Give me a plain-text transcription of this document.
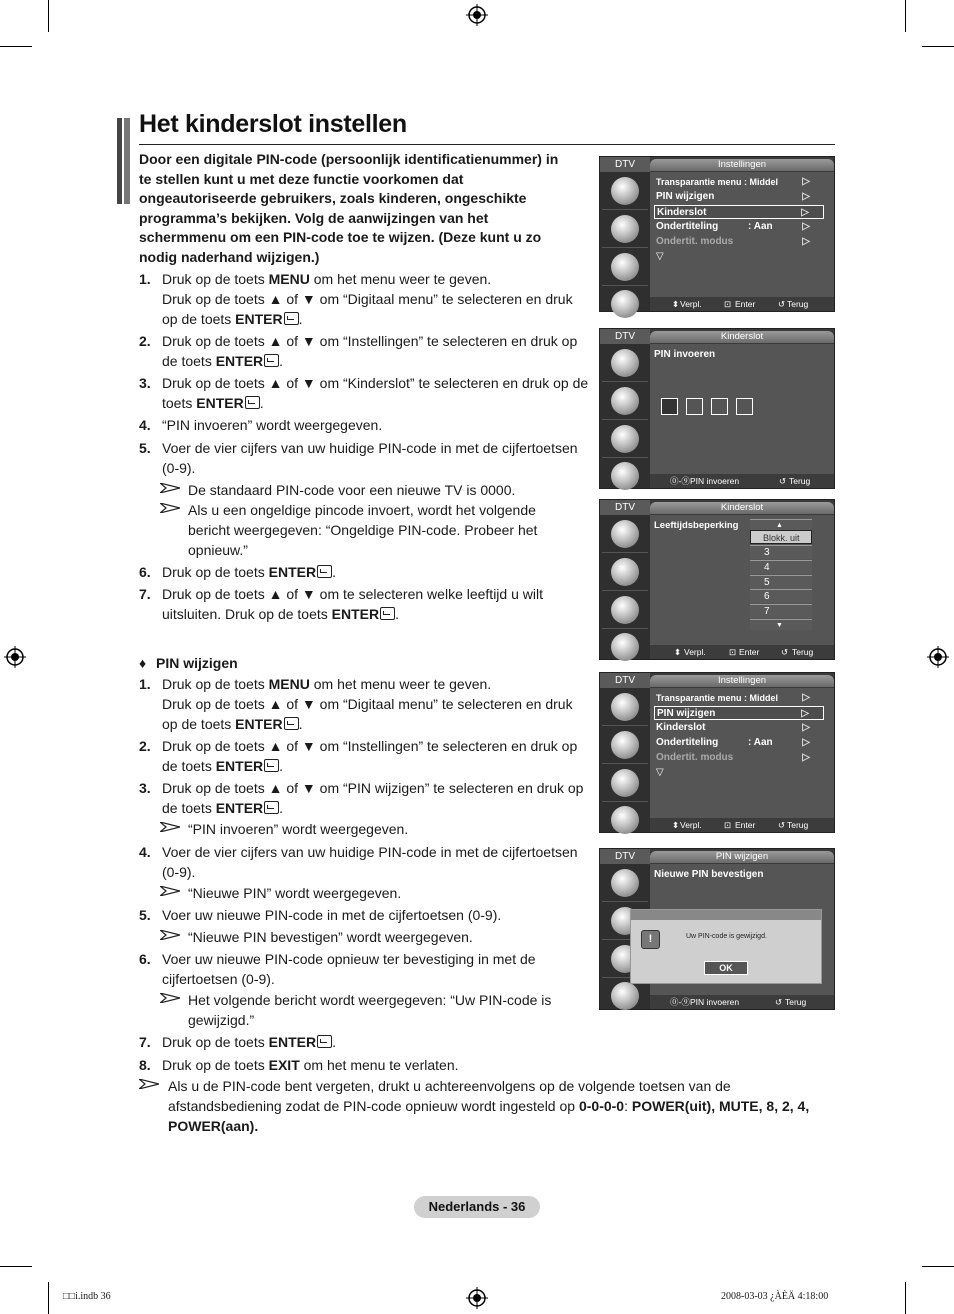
Het kinderslot instellen
Door een digitale PIN-code (persoonlijk identificatienummer) in te stellen kunt u met deze functie voorkomen dat ongeautoriseerde gebruikers, zoals kinderen, ongeschikte programma’s bekijken. Volg de aanwijzingen van het schermmenu om een PIN-code toe te wijzen. (Deze kunt u zo nodig naderhand wijzigen.)
1. Druk op de toets MENU om het menu weer te geven.
Druk op de toets ▲ of ▼ om “Digitaal menu” te selecteren en druk op de toets ENTER .
2. Druk op de toets ▲ of ▼ om “Instellingen” te selecteren en druk op de toets ENTER .
3. Druk op de toets ▲ of ▼ om “Kinderslot” te selecteren en druk op de toets ENTER .
4. “PIN invoeren” wordt weergegeven.
5. Voer de vier cijfers van uw huidige PIN-code in met de cijfertoetsen (0-9).
De standaard PIN-code voor een nieuwe TV is 0000.
Als u een ongeldige pincode invoert, wordt het volgende bericht weergegeven: “Ongeldige PIN-code. Probeer het opnieuw.”
6. Druk op de toets ENTER .
7. Druk op de toets ▲ of ▼ om te selecteren welke leeftijd u wilt uitsluiten. Druk op de toets ENTER .
♦ PIN wijzigen
1. Druk op de toets MENU om het menu weer te geven.
Druk op de toets ▲ of ▼ om “Digitaal menu” te selecteren en druk op de toets ENTER .
2. Druk op de toets ▲ of ▼ om “Instellingen” te selecteren en druk op de toets ENTER .
3. Druk op de toets ▲ of ▼ om “PIN wijzigen” te selecteren en druk op de toets ENTER .
“PIN invoeren” wordt weergegeven.
4. Voer de vier cijfers van uw huidige PIN-code in met de cijfertoetsen (0-9).
“Nieuwe PIN” wordt weergegeven.
5. Voer uw nieuwe PIN-code in met de cijfertoetsen (0-9).
“Nieuwe PIN bevestigen” wordt weergegeven.
6. Voer uw nieuwe PIN-code opnieuw ter bevestiging in met de cijfertoetsen (0-9).
Het volgende bericht wordt weergegeven: “Uw PIN-code is gewijzigd.”
7. Druk op de toets ENTER .
8. Druk op de toets EXIT om het menu te verlaten.
Als u de PIN-code bent vergeten, drukt u achtereenvolgens op de volgende toetsen van de afstandsbediening zodat de PIN-code opnieuw wordt ingesteld op 0-0-0-0: POWER(uit), MUTE, 8, 2, 4, POWER(aan).
Nederlands - 36
□□i.indb 36	2008-03-03 ¿ÀÈÄ 4:18:00
DTV	Instellingen
Transparantie menu : Middel ▷
PIN wijzigen	▷
Kinderslot	▷
Ondertiteling	: Aan	▷
Ondertit. modus	▷
▽
⬍ Verpl.	⊡ Enter	↺ Terug
DTV	Kinderslot
PIN invoeren
⓪-⑨ PIN invoeren	↺ Terug
DTV	Kinderslot
Leeftijdsbeperking	▲
Blokk. uit
3
4
5
6
7
▼
⬍ Verpl.	⊡ Enter	↺ Terug
DTV	Instellingen
Transparantie menu : Middel ▷
PIN wijzigen	▷
Kinderslot	▷
Ondertiteling	: Aan	▷
Ondertit. modus	▷
▽
⬍ Verpl.	⊡ Enter	↺ Terug
DTV	PIN wijzigen
Nieuwe PIN bevestigen
!	Uw PIN-code is gewijzigd.
OK
⓪-⑨ PIN invoeren	↺ Terug
